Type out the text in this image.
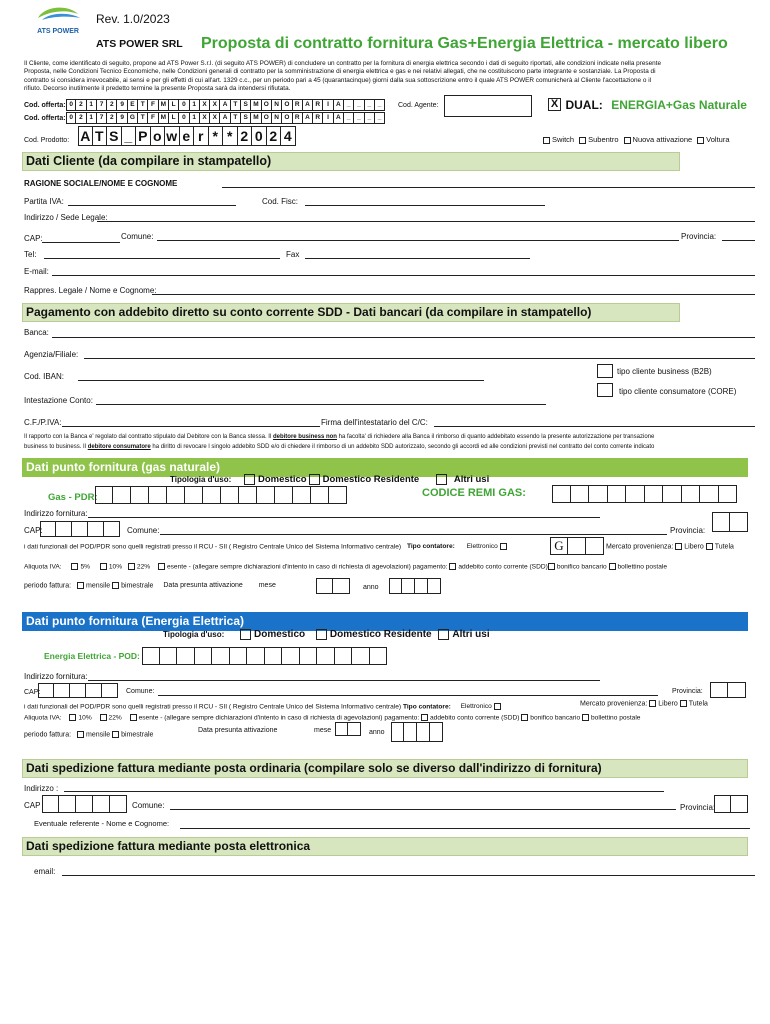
ATS POWER
Rev. 1.0/2023
ATS POWER SRL Proposta di contratto fornitura Gas+Energia Elettrica - mercato libero
Il Cliente, come identificato di seguito, propone ad ATS Power S.r.l. (di seguito ATS POWER) di concludere un contratto per la fornitura di energia elettrica secondo i dati di seguito riportati, alle condizioni indicate nella presente
Proposta, nelle Condizioni Tecnico Economiche, nelle Condizioni generali di contratto per la somministrazione di energia elettrica e gas e nei relativi allegati, che ne costituiscono parte integrante e sostanziale. La Proposta di
contratto si considera irrevocabile, ai sensi e per gli effetti di cui all'art. 1329 c.c., per un periodo pari a 45 (quarantacinque) giorni dalla sua sottoscrizione entro il quale ATS POWER comunicherà al Cliente l'accettazione o il
rifiuto. Decorso inutilmente il predetto termine la presente Proposta sarà da intendersi rifiutata.
Cod. offerta: 0 2	1	7	2	9 E T F M L 0	1 X X A T S M O N O R A R	I	A _	_	_	_
Cod. offerta: 0 2	1	7	2	9 G T F M L 0	1 X X A T S M O N O R A R	I	A _	_	_	_
Cod. Agente:	X DUAL: ENERGIA+Gas Naturale
Cod. Prodotto: A T S _ P o w e r * * 2 0 2 4	Switch Subentro Nuova attivazione Voltura
Dati Cliente (da compilare in stampatello)
RAGIONE SOCIALE/NOME E COGNOME
Partita IVA:	Cod. Fisc:
Indirizzo / Sede Legale:
CAP:	Comune:	Provincia:
Tel:	Fax
E-mail:
Rappres. Legale / Nome e Cognome:
Pagamento con addebito diretto su conto corrente SDD - Dati bancari (da compilare in stampatello)
Banca:
Agenzia/Filiale:
Cod. IBAN:
tipo cliente business (B2B)
tipo cliente consumatore (CORE)
Intestazione Conto:
C.F./P.IVA:	Firma dell'intestatario del C/C:
Il rapporto con la Banca e' regolato dal contratto stipulato dal Debitore con la Banca stessa. Il debitore business non ha facolta' di richiedere alla Banca il rimborso di quanto addebitato essendo la presente autorizzazione per transazione
business to business. Il debitore consumatore ha diritto di revocare l singolo addebito SDD e/o di chiedere il rimborso di un addebito SDD autorizzato, secondo gli accordi ed alle condizioni previsti nel contratto del conto corrente indicato
Dati punto fornitura (gas naturale)
Tipologia d'uso:	Domestico Domestico Residente	Altri usi
Gas - PDR:	CODICE REMI GAS:
Indirizzo fornitura:
CAP:	Comune:	Provincia:
i dati funzionali del POD/PDR sono quelli registrati presso il RCU - SII ( Registro Centrale Unico del Sistema Informativo centrale) Tipo contatore: Elettronico	G	Mercato provenienza: Libero Tutela
Aliquota IVA:	5%	10% 22%	esente - (allegare sempre dichiarazioni d'intento in caso di richiesta di agevolazioni) pagamento: addebito conto corrente (SDD) bonifico bancario bollettino postale
periodo fattura: mensile bimestrale Data presunta attivazione mese	anno
Dati punto fornitura (Energia Elettrica)
Tipologia d'uso:	Domestico Domestico Residente Altri usi
Energia Elettrica - POD:
Indirizzo fornitura:
CAP:	Comune:	Provincia:
i dati funzionali del POD/PDR sono quelli registrati presso il RCU - SII ( Registro Centrale Unico del Sistema Informativo centrale) Tipo contatore: Elettronico	Mercato provenienza: Libero Tutela
Aliquota IVA:	10%	22%	esente - (allegare sempre dichiarazioni d'intento in caso di richiesta di agevolazioni) pagamento: addebito conto corrente (SDD) bonifico bancario bollettino postale
periodo fattura: mensile bimestrale
Data presunta attivazione	mese	anno
Dati spedizione fattura mediante posta ordinaria (compilare solo se diverso dall'indirizzo di fornitura)
Indirizzo :
CAP	Comune:	Provincia:
Eventuale referente - Nome e Cognome:
Dati spedizione fattura mediante posta elettronica
email:
